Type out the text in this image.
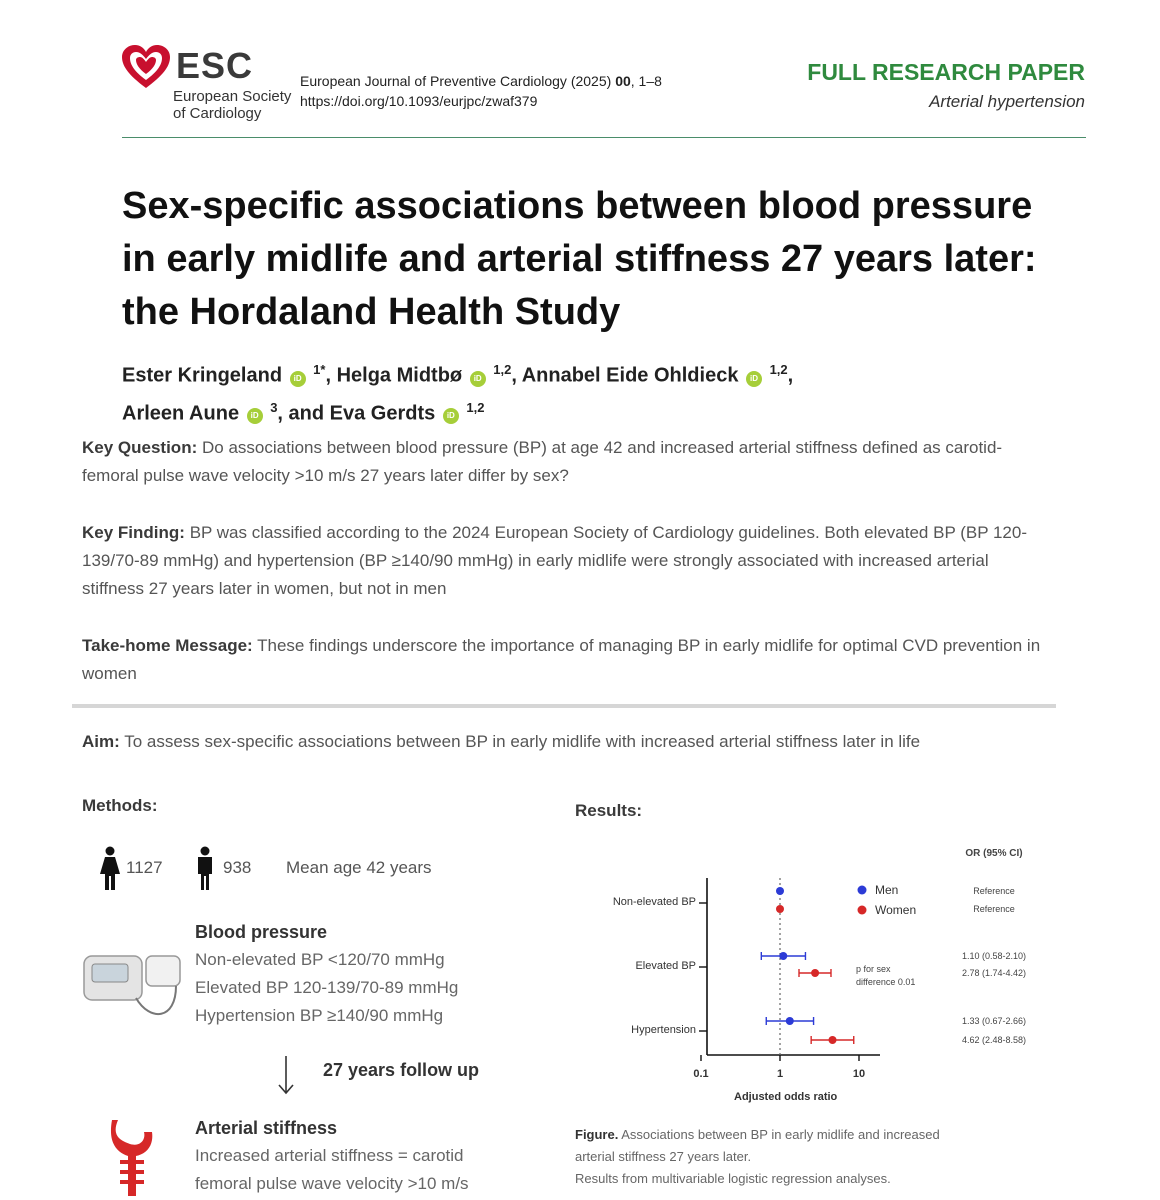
ESC
European Society
of Cardiology
European Journal of Preventive Cardiology (2025) 00, 1–8
https://doi.org/10.1093/eurjpc/zwaf379
FULL RESEARCH PAPER
Arterial hypertension
Sex-specific associations between blood pressure in early midlife and arterial stiffness 27 years later: the Hordaland Health Study
Ester Kringeland iD $^{1*}$, Helga Midtbø iD $^{1,2}$, Annabel Eide Ohldieck iD $^{1,2}$,
Arleen Aune iD $^3$, and Eva Gerdts iD $^{1,2}$
Key Question: Do associations between blood pressure (BP) at age 42 and increased arterial stiffness defined as carotid-femoral pulse wave velocity >10 m/s 27 years later differ by sex?
Key Finding: BP was classified according to the 2024 European Society of Cardiology guidelines. Both elevated BP (BP 120-139/70-89 mmHg) and hypertension (BP ≥140/90 mmHg) in early midlife were strongly associated with increased arterial stiffness 27 years later in women, but not in men
Take-home Message: These findings underscore the importance of managing BP in early midlife for optimal CVD prevention in women
Aim: To assess sex-specific associations between BP in early midlife with increased arterial stiffness later in life
Methods:
1127	938 Mean age 42 years
Blood pressure
Non-elevated BP <120/70 mmHg
Elevated BP 120-139/70-89 mmHg
Hypertension BP ≥140/90 mmHg
27 years follow up
Arterial stiffness
Increased arterial stiffness = carotid
femoral pulse wave velocity >10 m/s
Results:
OR (95% CI)
Adjusted odds ratio
p for sex
difference 0.01
0.1	1	10
Non-elevated BP
Elevated BP
Hypertension
Reference
1.10 (0.58-2.10)
1.33 (0.67-2.66)
Reference
2.78 (1.74-4.42)
4.62 (2.48-8.58)
Men
Women
Figure. Associations between BP in early midlife and increased
arterial stiffness 27 years later.
Results from multivariable logistic regression analyses.
